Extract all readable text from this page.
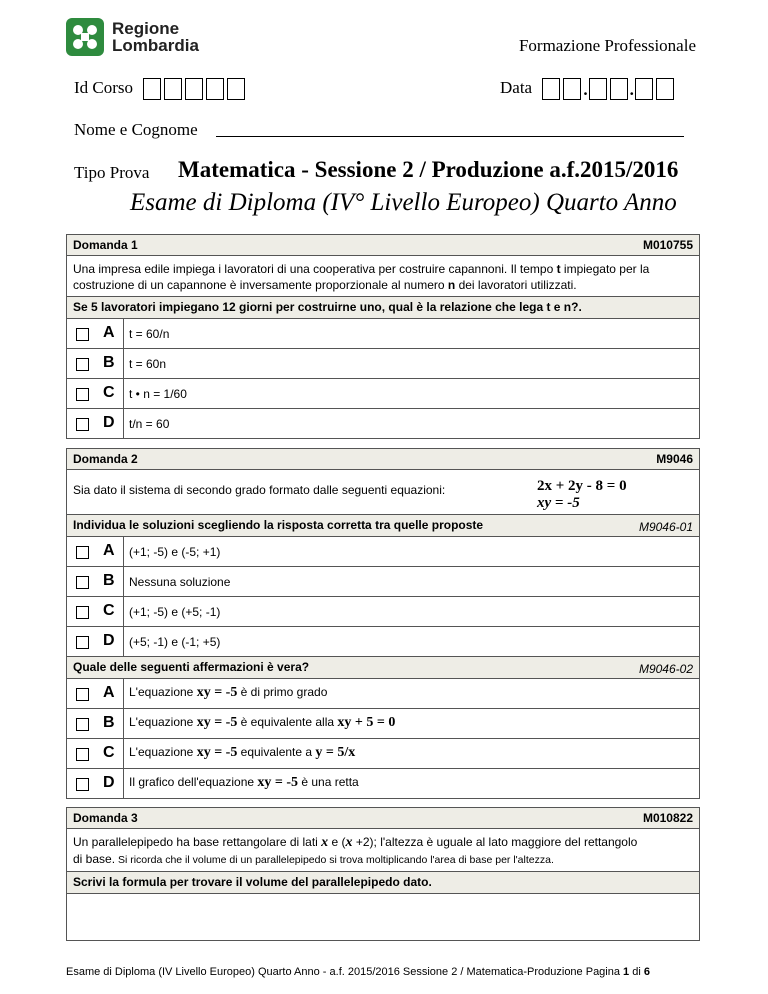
Regione
Lombardia	Formazione Professionale
Id Corso	Data	. .
Nome e Cognome
Tipo Prova Matematica - Sessione 2 / Produzione a.f.2015/2016
Esame di Diploma (IV° Livello Europeo) Quarto Anno
Domanda 1	M010755
Una impresa edile impiega i lavoratori di una cooperativa per costruire capannoni. Il tempo t impiegato per la costruzione di un capannone è inversamente proporzionale al numero n dei lavoratori utilizzati.
Se 5 lavoratori impiegano 12 giorni per costruirne uno, qual è la relazione che lega t e n?.
A t = 60/n
B t = 60n
C t • n = 1/60
D t/n = 60
Domanda 2	M9046
Sia dato il sistema di secondo grado formato dalle seguenti equazioni:	2x + 2y - 8 = 0
xy = -5
Individua le soluzioni scegliendo la risposta corretta tra quelle proposte	M9046-01
A (+1; -5) e (-5; +1)
B Nessuna soluzione
C (+1; -5) e (+5; -1)
D (+5; -1) e (-1; +5)
Quale delle seguenti affermazioni è vera?	M9046-02
A L'equazione xy = -5 è di primo grado
B L'equazione xy = -5 è equivalente alla xy + 5 = 0
C L'equazione xy = -5 equivalente a y = 5/x
D Il grafico dell'equazione xy = -5 è una retta
Domanda 3	M010822
Un parallelepipedo ha base rettangolare di lati x e (x +2); l'altezza è uguale al lato maggiore del rettangolo
di base. Si ricorda che il volume di un parallelepipedo si trova moltiplicando l'area di base per l'altezza.
Scrivi la formula per trovare il volume del parallelepipedo dato.
Esame di Diploma (IV Livello Europeo) Quarto Anno - a.f. 2015/2016 Sessione 2 / Matematica-Produzione Pagina 1 di 6
